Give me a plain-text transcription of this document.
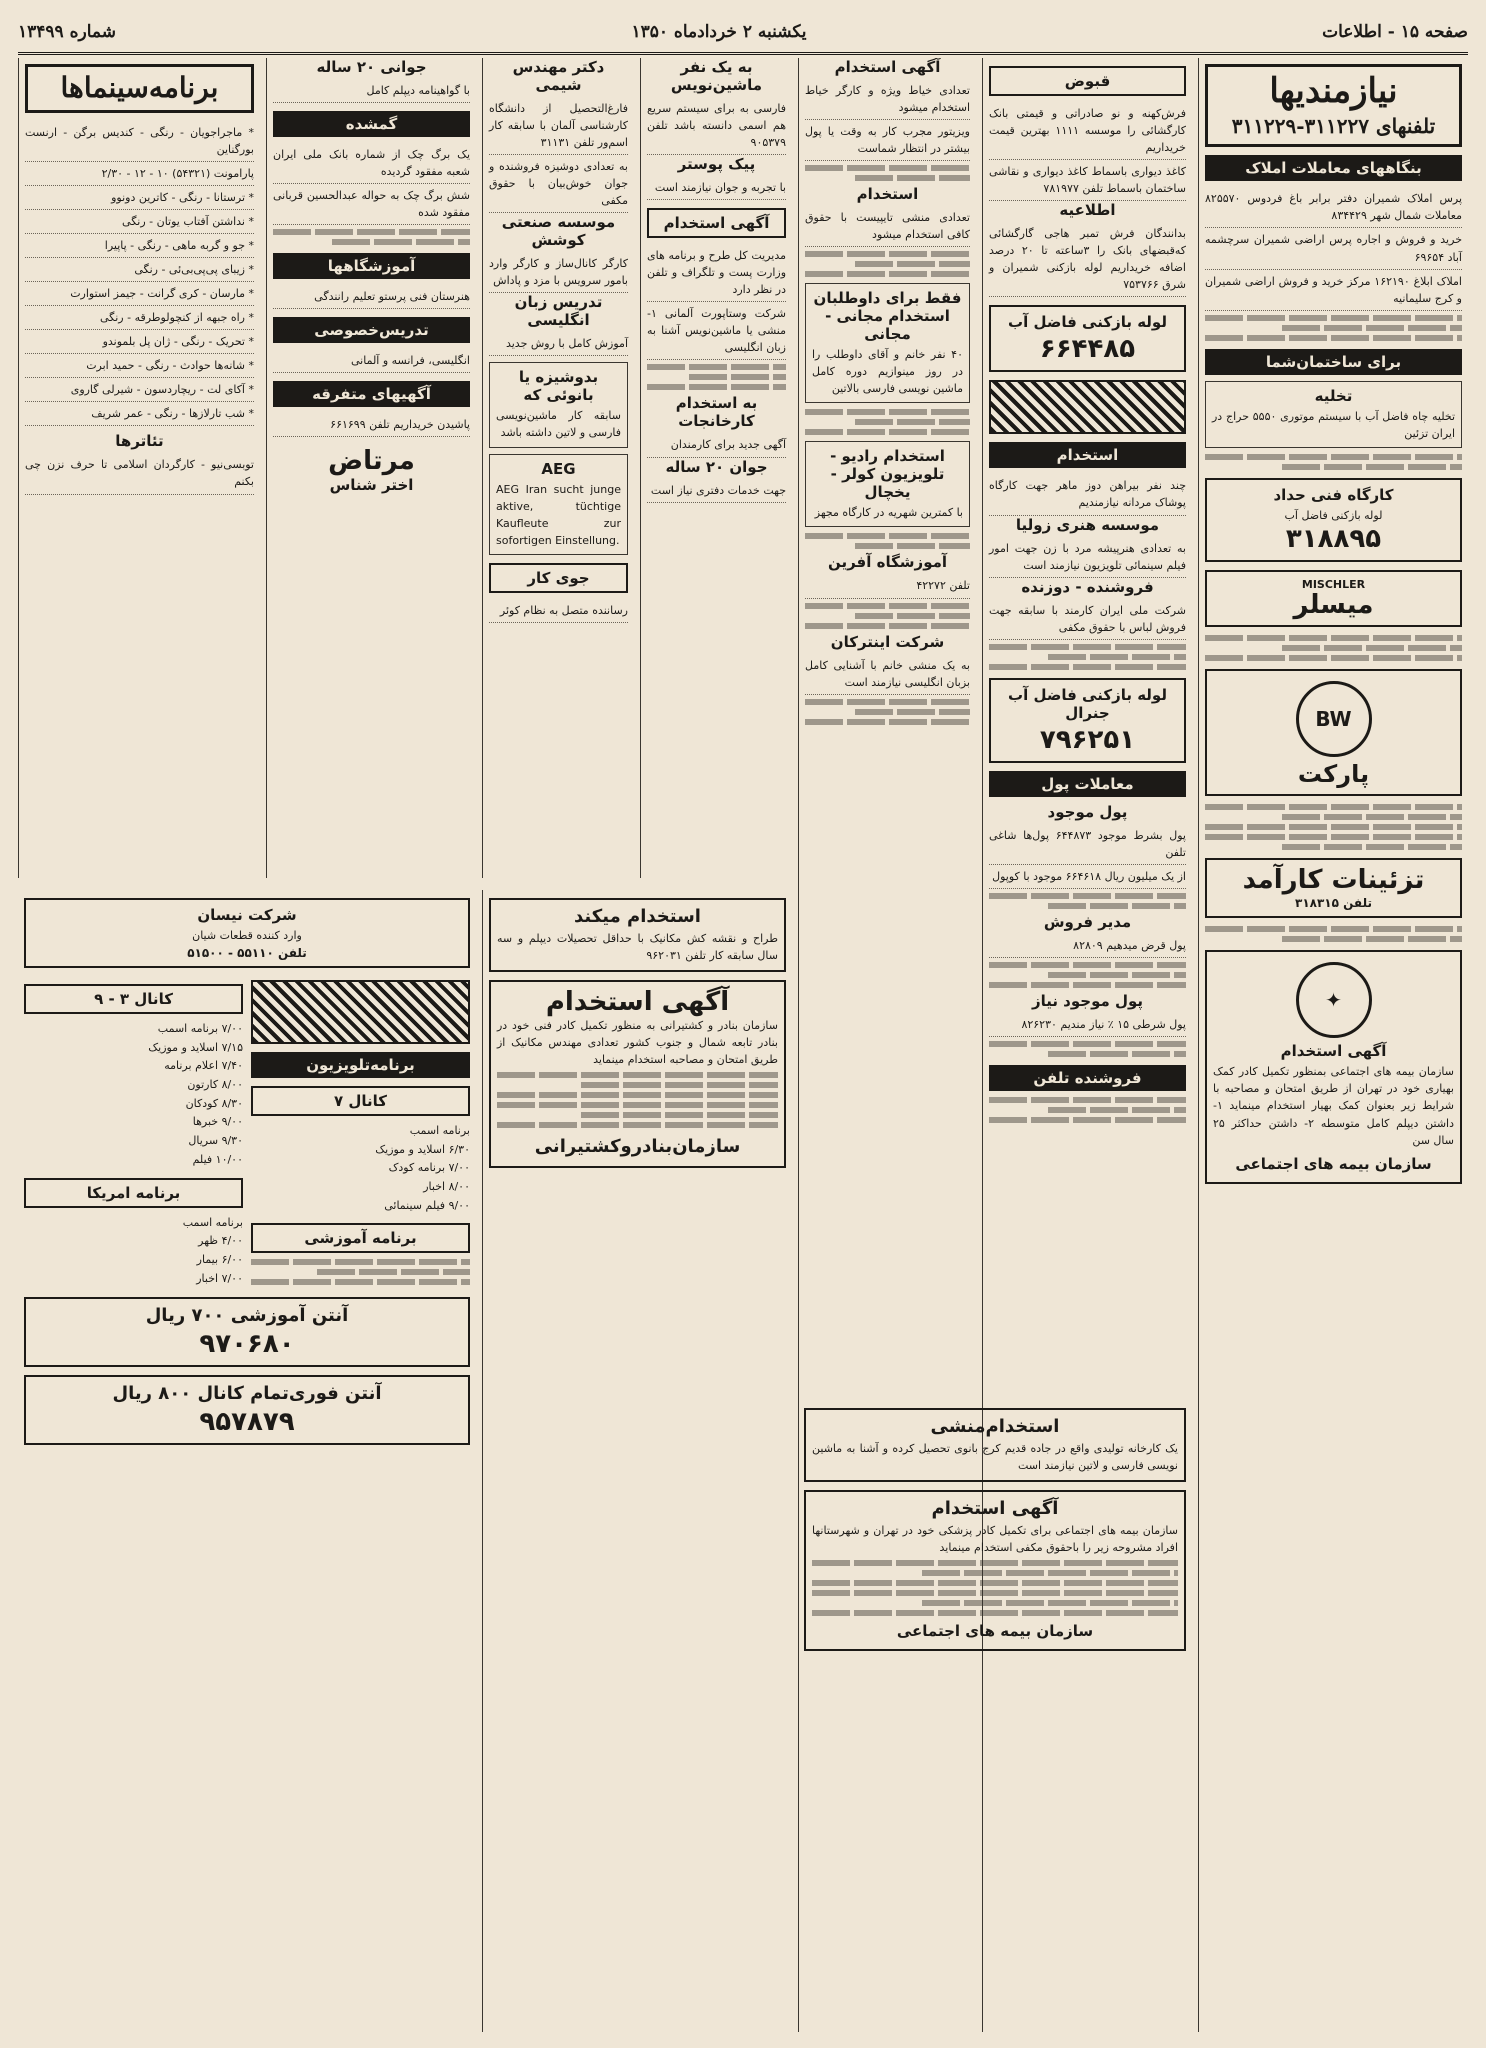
صفحه ۱۵ - اطلاعات
یکشنبه ۲ خردادماه ۱۳۵۰
شماره ۱۳۴۹۹
نیازمندیها
تلفنهای ۳۱۱۲۲۷-۳۱۱۲۲۹
بنگاههای معاملات املاک
پرس املاک شمیران دفتر برابر باغ فردوس ۸۲۵۵۷۰ معاملات شمال شهر ۸۳۴۴۲۹
خرید و فروش و اجاره پرس اراضی شمیران سرچشمه آباد ۶۹۶۵۴
املاک ابلاغ ۱۶۲۱۹۰ مرکز خرید و فروش اراضی شمیران و کرج سلیمانیه
برای ساختمان‌شما
تخلیه
تخلیه چاه فاضل آب با سیستم موتوری ۵۵۵۰ حراج در ایران تزئین
کارگاه فنی حداد
لوله بازکنی فاضل آب
۳۱۸۸۹۵
MISCHLER
میسلر
BW
پارکت
تزئینات کارآمد
تلفن ۳۱۸۳۱۵
✦
آگهی استخدام
سازمان بیمه های اجتماعی بمنظور تکمیل کادر کمک بهیاری خود در تهران از طریق امتحان و مصاحبه با شرایط زیر بعنوان کمک بهیار استخدام مینماید ۱- داشتن دیپلم کامل متوسطه ۲- داشتن حداکثر ۲۵ سال سن
سازمان بیمه های اجتماعی
قبوض
فرش‌کهنه و نو صادراتی و قیمتی بانک کارگشائی را موسسه ۱۱۱۱ بهترین قیمت خریداریم
کاغذ دیواری باسماط کاغذ دیواری و نقاشی ساختمان باسماط تلفن ۷۸۱۹۷۷
اطلاعیه
بدانندگان فرش تمبر هاجی گارگشائی که‌قبضهای بانک را ۳ساعته تا ۲۰ درصد اضافه خریداریم لوله بازکنی شمیران و شرق ۷۵۳۷۶۶
لوله بازکنی فاضل آب
۶۶۴۴۸۵
استخدام
چند نفر بیراهن دوز ماهر جهت کارگاه پوشاک مردانه نیازمندیم
موسسه هنری زولیا
به تعدادی هنرپیشه مرد با زن جهت امور فیلم سینمائی تلویزیون نیازمند است
فروشنده - دوزنده
شرکت ملی ایران کارمند با سابقه جهت فروش لباس با حقوق مکفی
لوله بازکنی فاضل آب جنرال
۷۹۶۲۵۱
معاملات پول
پول موجود
پول بشرط موجود ۶۴۴۸۷۳ پول‌ها شاغی تلفن
از یک میلیون ریال ۶۶۴۶۱۸ موجود با کوپول
مدیر فروش
پول قرض میدهیم ۸۲۸۰۹
پول موجود نیاز
پول شرطی ۱۵ ٪ نیاز مندیم ۸۲۶۲۳۰
فروشنده تلفن
آگهی استخدام
تعدادی خیاط ویژه و کارگر خیاط استخدام میشود
ویزیتور مجرب کار به وقت یا پول بیشتر در انتظار شماست
استخدام
تعدادی منشی تایپیست با حقوق کافی استخدام میشود
فقط برای داوطلبان استخدام مجانی - مجانی
۴۰ نفر خانم و آقای داوطلب را در روز مینوازیم دوره کامل ماشین نویسی فارسی بالاتین
استخدام رادیو - تلویزیون کولر - یخچال
با کمترین شهریه در کارگاه مجهز
آموزشگاه آفرین
تلفن ۴۲۲۷۲
شرکت اینترکان
به یک منشی خانم با آشنایی کامل بزبان انگلیسی نیازمند است
به یک نفر ماشین‌نویس
فارسی به برای سیستم سریع هم اسمی دانسته باشد تلفن ۹۰۵۳۷۹
پیک پوستر
با تجربه و جوان نیازمند است
آگهی استخدام
مدیریت کل طرح و برنامه های وزارت پست و تلگراف و تلفن در نظر دارد
شرکت وستاپورت آلمانی ۱- منشی یا ماشین‌نویس آشنا به زبان انگلیسی
به استخدام کارخانجات
آگهی جدید برای کارمندان
جوان ۲۰ ساله
جهت خدمات دفتری نیاز است
دکتر مهندس شیمی
فارغ‌التحصیل از دانشگاه کارشناسی آلمان با سابقه کار اسم‌ور تلفن ۳۱۱۳۱
به تعدادی دوشیزه فروشنده و جوان خوش‌بیان با حقوق مکفی
موسسه صنعتی کوشش
کارگر کانال‌ساز و کارگر وارد بامور سرویس با مزد و پاداش
تدریس زبان انگلیسی
آموزش کامل با روش جدید
بدوشیزه یا بانوئی که
سابقه کار ماشین‌نویسی فارسی و لاتین داشته باشد
AEG
AEG Iran sucht junge aktive, tüchtige Kaufleute zur sofortigen Einstellung.
جوی کار
رساننده متصل به نظام کوئر
جوانی ۲۰ ساله
با گواهینامه دیپلم کامل
گمشده
یک برگ چک از شماره بانک ملی ایران شعبه مفقود گردیده
شش برگ چک به حواله عبدالحسین قربانی مفقود شده
آموزشگاهها
هنرستان فنی پرستو تعلیم رانندگی
تدریس‌خصوصی
انگلیسی، فرانسه و آلمانی
آگهیهای متفرقه
پاشیدن خریداریم تلفن ۶۶۱۶۹۹
مرتاض
اختر شناس
برنامه‌سینماها
* ماجراجویان - رنگی - کندیس برگن - ارنست بورگناین
پارامونت (۵۴۳۲۱) ۱۰ - ۱۲ - ۲/۳۰
* ترستانا - رنگی - کاترین دونوو
* نداشتن آفتاب یوتان - رنگی
* جو و گربه ماهی - رنگی - پاپیرا
* زیبای پی‌پی‌بی‌ئی - رنگی
* مارسان - کری گرانت - جیمز استوارت
* راه جبهه از کنچولوطرقه - رنگی
* تحریک - رنگی - ژان پل بلموندو
* شانه‌ها حوادث - رنگی - حمید ابرت
* آکای لت - ریچاردسون - شیرلی گاروی
* شب تارلازها - رنگی - عمر شریف
تئاترها
توبسی‌نیو - کارگردان اسلامی تا حرف نزن چی بکنم
شرکت نیسان
وارد کننده قطعات شیان
تلفن ۵۵۱۱۰ - ۵۱۵۰۰
برنامه‌تلویزیون
کانال ۷
برنامه اسمب
۶/۳۰ اسلاید و موزیک
۷/۰۰ برنامه کودک
۸/۰۰ اخبار
۹/۰۰ فیلم سینمائی
برنامه آموزشی
کانال ۳ - ۹
۷/۰۰ برنامه اسمب
۷/۱۵ اسلاید و موزیک
۷/۴۰ اعلام برنامه
۸/۰۰ کارتون
۸/۳۰ کودکان
۹/۰۰ خبرها
۹/۳۰ سریال
۱۰/۰۰ فیلم
برنامه امریکا
برنامه اسمب
۴/۰۰ ظهر
۶/۰۰ بیمار
۷/۰۰ اخبار
آنتن آموزشی ۷۰۰ ریال
۹۷۰۶۸۰
آنتن فوری‌تمام کانال ۸۰۰ ریال
۹۵۷۸۷۹
استخدام میکند
طراح و نقشه کش مکانیک با حداقل تحصیلات دیپلم و سه سال سابقه کار تلفن ۹۶۲۰۳۱
آگهی استخدام
سازمان بنادر و کشتیرانی به منظور تکمیل کادر فنی خود در بنادر تابعه شمال و جنوب کشور تعدادی مهندس مکانیک از طریق امتحان و مصاحبه استخدام مینماید
سازمان‌بنادرو‌کشتیرانی
استخدام‌منشی
یک کارخانه تولیدی واقع در جاده قدیم کرج بانوی تحصیل کرده و آشنا به ماشین نویسی فارسی و لاتین نیازمند است
آگهی استخدام
سازمان بیمه های اجتماعی برای تکمیل کادر پزشکی خود در تهران و شهرستانها افراد مشروحه زیر را باحقوق مکفی استخدام مینماید
سازمان بیمه های اجتماعی
